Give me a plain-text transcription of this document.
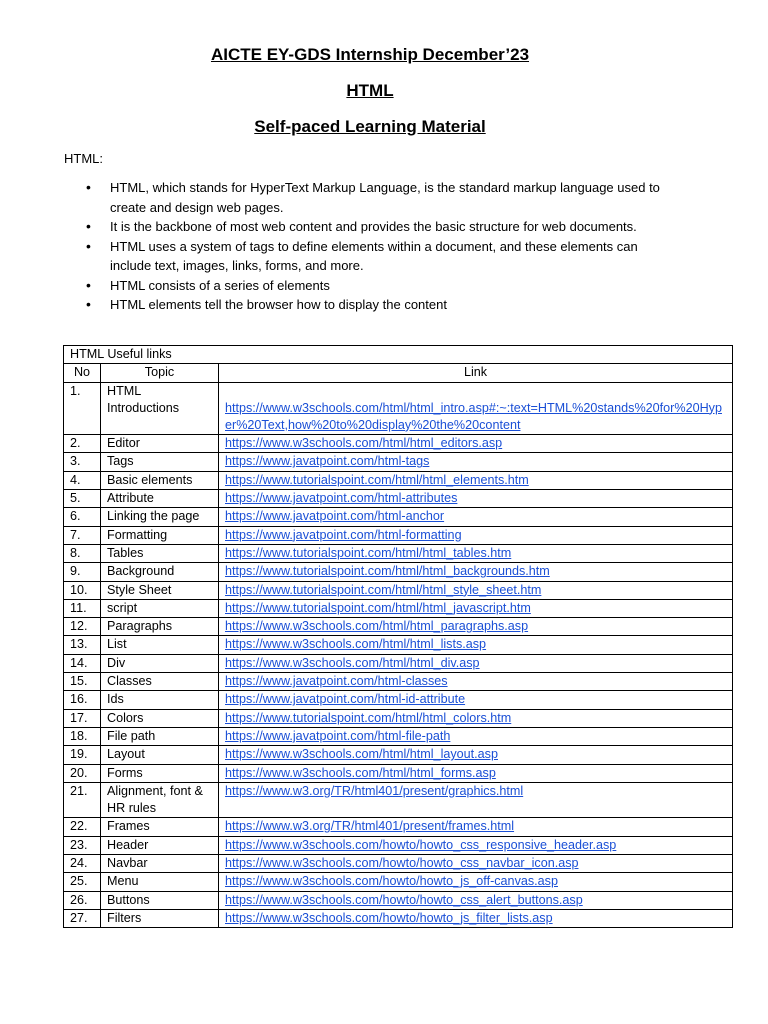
AICTE EY-GDS Internship December’23
HTML
Self-paced Learning Material
HTML:
• HTML, which stands for HyperText Markup Language, is the standard markup language used to create and design web pages.
• It is the backbone of most web content and provides the basic structure for web documents.
• HTML uses a system of tags to define elements within a document, and these elements can include text, images, links, forms, and more.
• HTML consists of a series of elements
• HTML elements tell the browser how to display the content
HTML Useful links		
No	Topic	Link
1.	HTML Introductions	https://www.w3schools.com/html/html_intro.asp#:~:text=HTML%20stands%20for%20Hyper%20Text,how%20to%20display%20the%20content
2.	Editor	https://www.w3schools.com/html/html_editors.asp
3.	Tags	https://www.javatpoint.com/html-tags
4.	Basic elements	https://www.tutorialspoint.com/html/html_elements.htm
5.	Attribute	https://www.javatpoint.com/html-attributes
6.	Linking the page	https://www.javatpoint.com/html-anchor
7.	Formatting	https://www.javatpoint.com/html-formatting
8.	Tables	https://www.tutorialspoint.com/html/html_tables.htm
9.	Background	https://www.tutorialspoint.com/html/html_backgrounds.htm
10.	Style Sheet	https://www.tutorialspoint.com/html/html_style_sheet.htm
11.	script	https://www.tutorialspoint.com/html/html_javascript.htm
12.	Paragraphs	https://www.w3schools.com/html/html_paragraphs.asp
13.	List	https://www.w3schools.com/html/html_lists.asp
14.	Div	https://www.w3schools.com/html/html_div.asp
15.	Classes	https://www.javatpoint.com/html-classes
16.	Ids	https://www.javatpoint.com/html-id-attribute
17.	Colors	https://www.tutorialspoint.com/html/html_colors.htm
18.	File path	https://www.javatpoint.com/html-file-path
19.	Layout	https://www.w3schools.com/html/html_layout.asp
20.	Forms	https://www.w3schools.com/html/html_forms.asp
21.	Alignment, font & HR rules	https://www.w3.org/TR/html401/present/graphics.html
22.	Frames	https://www.w3.org/TR/html401/present/frames.html
23.	Header	https://www.w3schools.com/howto/howto_css_responsive_header.asp
24.	Navbar	https://www.w3schools.com/howto/howto_css_navbar_icon.asp
25.	Menu	https://www.w3schools.com/howto/howto_js_off-canvas.asp
26.	Buttons	https://www.w3schools.com/howto/howto_css_alert_buttons.asp
27.	Filters	https://www.w3schools.com/howto/howto_js_filter_lists.asp
